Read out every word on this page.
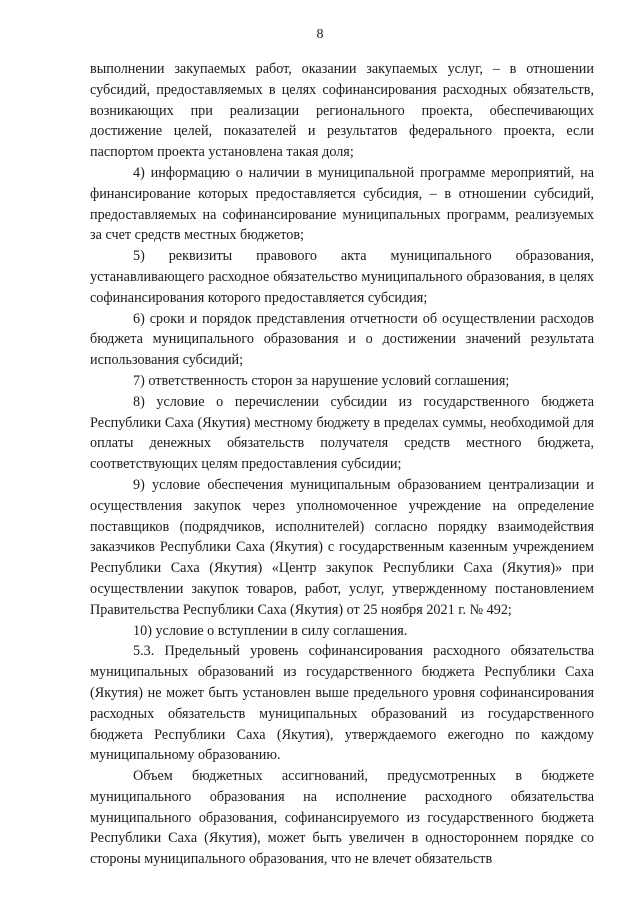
8

выполнении закупаемых работ, оказании закупаемых услуг, – в отношении субсидий, предоставляемых в целях софинансирования расходных обязательств, возникающих при реализации регионального проекта, обеспечивающих достижение целей, показателей и результатов федерального проекта, если паспортом проекта установлена такая доля;

4) информацию о наличии в муниципальной программе мероприятий, на финансирование которых предоставляется субсидия, – в отношении субсидий, предоставляемых на софинансирование муниципальных программ, реализуемых за счет средств местных бюджетов;

5) реквизиты правового акта муниципального образования, устанавливающего расходное обязательство муниципального образования, в целях софинансирования которого предоставляется субсидия;

6) сроки и порядок представления отчетности об осуществлении расходов бюджета муниципального образования и о достижении значений результата использования субсидий;

7) ответственность сторон за нарушение условий соглашения;

8) условие о перечислении субсидии из государственного бюджета Республики Саха (Якутия) местному бюджету в пределах суммы, необходимой для оплаты денежных обязательств получателя средств местного бюджета, соответствующих целям предоставления субсидии;

9) условие обеспечения муниципальным образованием централизации и осуществления закупок через уполномоченное учреждение на определение поставщиков (подрядчиков, исполнителей) согласно порядку взаимодействия заказчиков Республики Саха (Якутия) с государственным казенным учреждением Республики Саха (Якутия) «Центр закупок Республики Саха (Якутия)» при осуществлении закупок товаров, работ, услуг, утвержденному постановлением Правительства Республики Саха (Якутия) от 25 ноября 2021 г. № 492;

10) условие о вступлении в силу соглашения.

5.3. Предельный уровень софинансирования расходного обязательства муниципальных образований из государственного бюджета Республики Саха (Якутия) не может быть установлен выше предельного уровня софинансирования расходных обязательств муниципальных образований из государственного бюджета Республики Саха (Якутия), утверждаемого ежегодно по каждому муниципальному образованию.

Объем бюджетных ассигнований, предусмотренных в бюджете муниципального образования на исполнение расходного обязательства муниципального образования, софинансируемого из государственного бюджета Республики Саха (Якутия), может быть увеличен в одностороннем порядке со стороны муниципального образования, что не влечет обязательств
